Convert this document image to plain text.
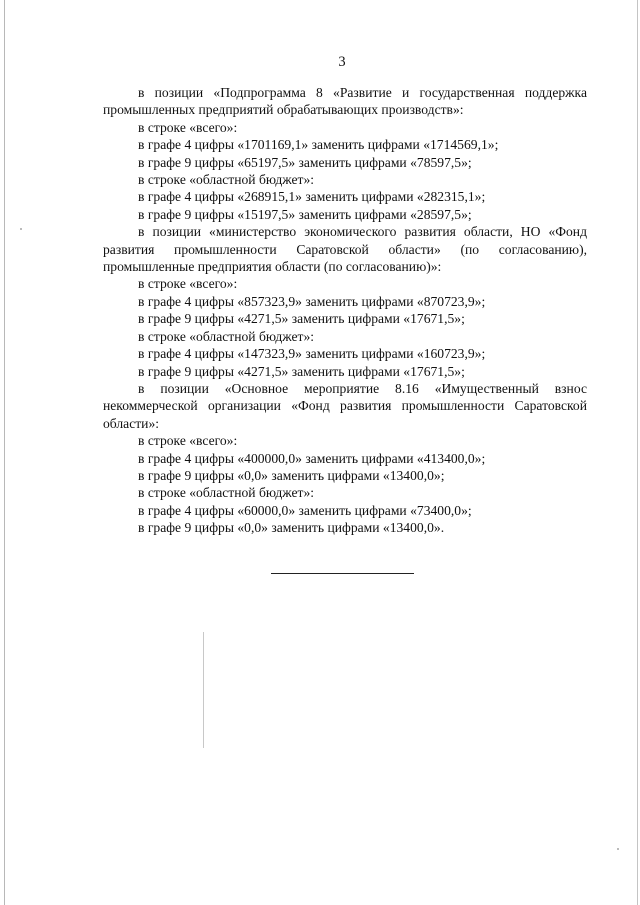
3
в позиции «Подпрограмма 8 «Развитие и государственная поддержка
промышленных предприятий обрабатывающих производств»:
в строке «всего»:
в графе 4 цифры «1701169,1» заменить цифрами «1714569,1»;
в графе 9 цифры «65197,5» заменить цифрами «78597,5»;
в строке «областной бюджет»:
в графе 4 цифры «268915,1» заменить цифрами «282315,1»;
в графе 9 цифры «15197,5» заменить цифрами «28597,5»;
в позиции «министерство экономического развития области, НО «Фонд
развития промышленности Саратовской области» (по согласованию),
промышленные предприятия области (по согласованию)»:
в строке «всего»:
в графе 4 цифры «857323,9» заменить цифрами «870723,9»;
в графе 9 цифры «4271,5» заменить цифрами «17671,5»;
в строке «областной бюджет»:
в графе 4 цифры «147323,9» заменить цифрами «160723,9»;
в графе 9 цифры «4271,5» заменить цифрами «17671,5»;
в позиции «Основное мероприятие 8.16 «Имущественный взнос
некоммерческой организации «Фонд развития промышленности Саратовской
области»:
в строке «всего»:
в графе 4 цифры «400000,0» заменить цифрами «413400,0»;
в графе 9 цифры «0,0» заменить цифрами «13400,0»;
в строке «областной бюджет»:
в графе 4 цифры «60000,0» заменить цифрами «73400,0»;
в графе 9 цифры «0,0» заменить цифрами «13400,0».
